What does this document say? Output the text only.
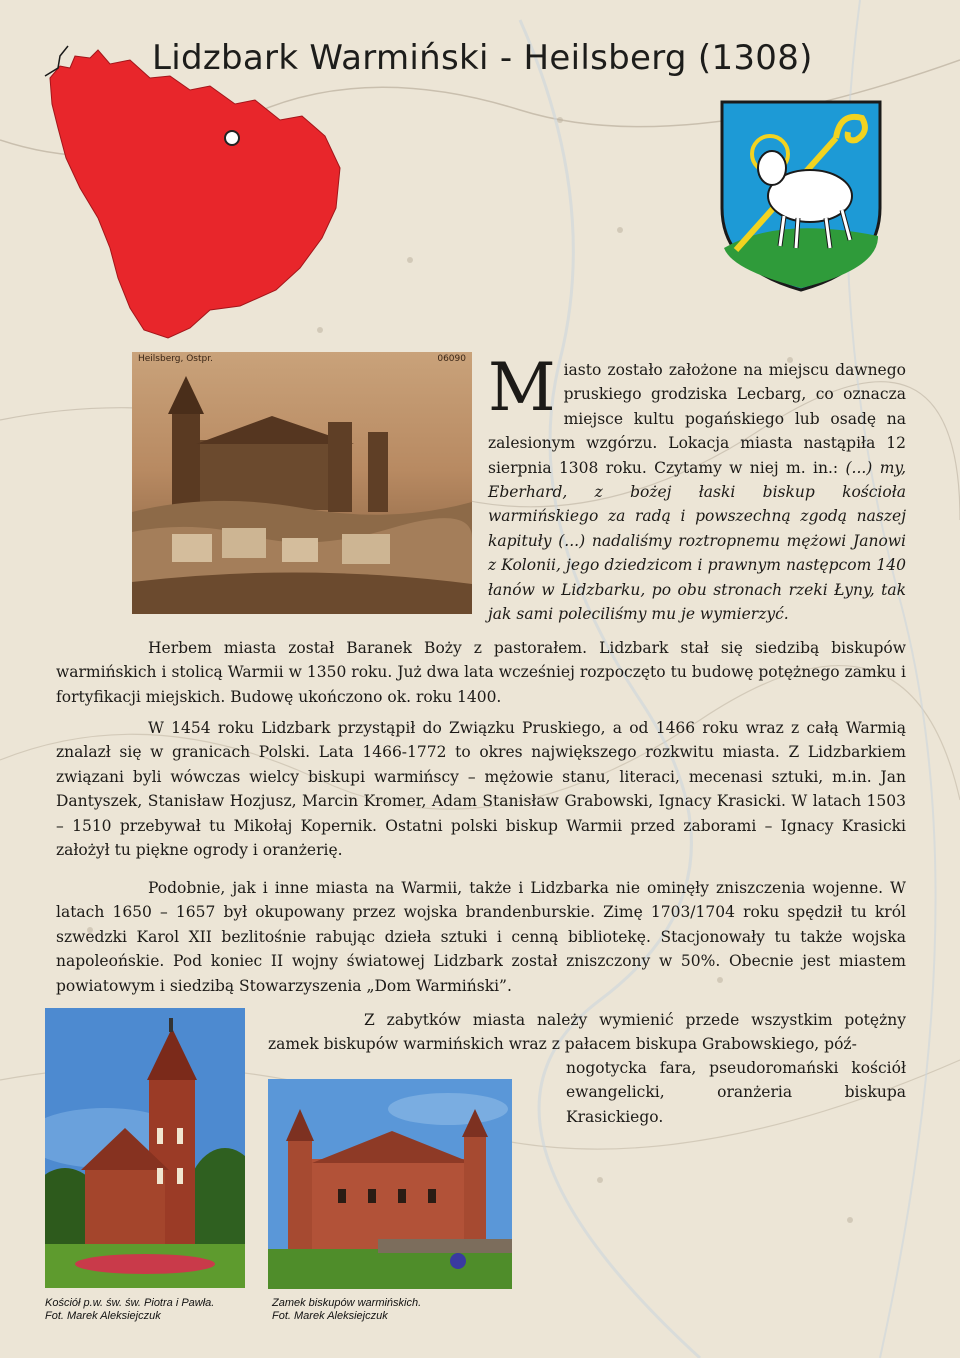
Lidzbark Warmiński - Heilsberg (1308)
Heilsberg, Ostpr.	06090 Miasto zostało założone na miejscu dawnego pruskiego grodziska Lecbarg, co oznacza miejsce kultu pogańskiego lub osadę na zalesionym wzgórzu. Lokacja miasta nastąpiła 12 sierpnia 1308 roku. Czytamy w niej m. in.: (...) my, Eberhard, z bożej łaski biskup kościoła warmińskiego za radą i powszechną zgodą naszej kapituły (...) nadaliśmy roztropnemu mężowi Janowi z Kolonii, jego dziedzicom i prawnym następcom 140 łanów w Lidzbarku, po obu stronach rzeki Łyny, tak jak sami poleciliśmy mu je wymierzyć.
Herbem miasta został Baranek Boży z pastorałem. Lidzbark stał się siedzibą biskupów warmińskich i stolicą Warmii w 1350 roku. Już dwa lata wcześniej rozpoczęto tu budowę potężnego zamku i fortyfikacji miejskich. Budowę ukończono ok. roku 1400.
W 1454 roku Lidzbark przystąpił do Związku Pruskiego, a od 1466 roku wraz z całą Warmią znalazł się w granicach Polski. Lata 1466-1772 to okres największego rozkwitu miasta. Z Lidzbarkiem związani byli wówczas wielcy biskupi warmińscy – mężowie stanu, literaci, mecenasi sztuki, m.in. Jan Dantyszek, Stanisław Hozjusz, Marcin Kromer, Adam Stanisław Grabowski, Ignacy Krasicki. W latach 1503 – 1510 przebywał tu Mikołaj Kopernik. Ostatni polski biskup Warmii przed zaborami – Ignacy Krasicki założył tu piękne ogrody i oranżerię.
Podobnie, jak i inne miasta na Warmii, także i Lidzbarka nie ominęły zniszczenia wojenne. W latach 1650 – 1657 był okupowany przez wojska brandenburskie. Zimę 1703/1704 roku spędził tu król szwedzki Karol XII bezlitośnie rabując dzieła sztuki i cenną bibliotekę. Stacjonowały tu także wojska napoleońskie. Pod koniec II wojny światowej Lidzbark został zniszczony w 50%. Obecnie jest miastem powiatowym i siedzibą Stowarzyszenia „Dom Warmiński”.
Z zabytków miasta należy wymienić przede wszystkim potężny zamek biskupów warmińskich wraz z pałacem biskupa Grabowskiego, póź-
nogotycka fara, pseudoromański kościół ewangelicki, oranżeria biskupa Krasickiego.
Kościół p.w. św. św. Piotra i Pawła.
Fot. Marek Aleksiejczuk
Zamek biskupów warmińskich.
Fot. Marek Aleksiejczuk
